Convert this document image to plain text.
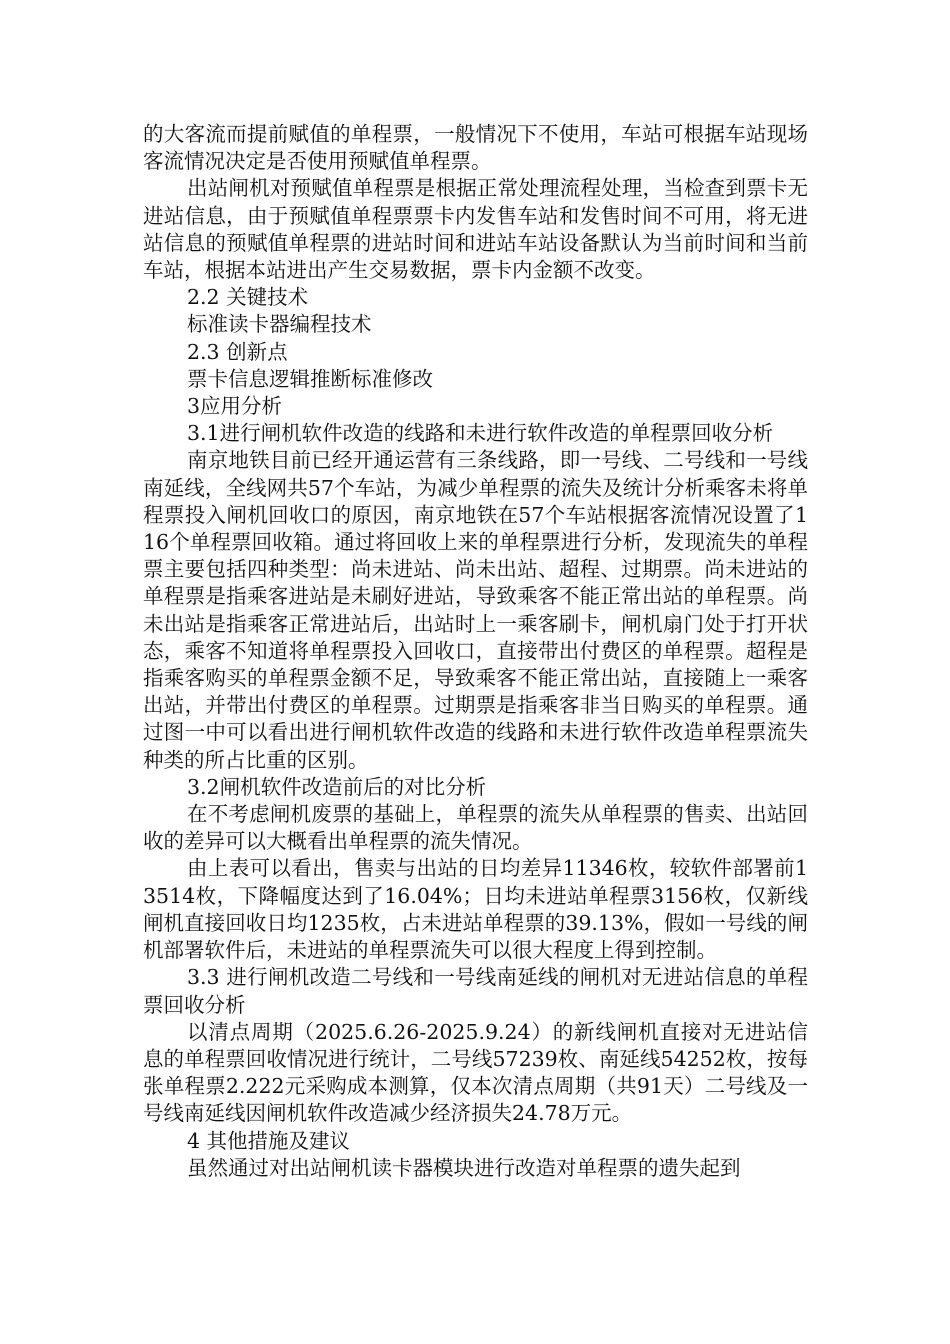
的大客流而提前赋值的单程票，一般情况下不使用，车站可根据车站现场客流情况决定是否使用预赋值单程票。

出站闸机对预赋值单程票是根据正常处理流程处理，当检查到票卡无进站信息，由于预赋值单程票票卡内发售车站和发售时间不可用，将无进站信息的预赋值单程票的进站时间和进站车站设备默认为当前时间和当前车站，根据本站进出产生交易数据，票卡内金额不改变。

2.2 关键技术

标准读卡器编程技术

2.3 创新点

票卡信息逻辑推断标准修改

3应用分析

3.1进行闸机软件改造的线路和未进行软件改造的单程票回收分析

南京地铁目前已经开通运营有三条线路，即一号线、二号线和一号线南延线，全线网共57个车站，为减少单程票的流失及统计分析乘客未将单程票投入闸机回收口的原因，南京地铁在57个车站根据客流情况设置了116个单程票回收箱。通过将回收上来的单程票进行分析，发现流失的单程票主要包括四种类型：尚未进站、尚未出站、超程、过期票。尚未进站的单程票是指乘客进站是未刷好进站，导致乘客不能正常出站的单程票。尚未出站是指乘客正常进站后，出站时上一乘客刷卡，闸机扇门处于打开状态，乘客不知道将单程票投入回收口，直接带出付费区的单程票。超程是指乘客购买的单程票金额不足，导致乘客不能正常出站，直接随上一乘客出站，并带出付费区的单程票。过期票是指乘客非当日购买的单程票。通过图一中可以看出进行闸机软件改造的线路和未进行软件改造单程票流失种类的所占比重的区别。

3.2闸机软件改造前后的对比分析

在不考虑闸机废票的基础上，单程票的流失从单程票的售卖、出站回收的差异可以大概看出单程票的流失情况。

由上表可以看出，售卖与出站的日均差异11346枚，较软件部署前13514枚，下降幅度达到了16.04%；日均未进站单程票3156枚，仅新线闸机直接回收日均1235枚，占未进站单程票的39.13%，假如一号线的闸机部署软件后，未进站的单程票流失可以很大程度上得到控制。

3.3 进行闸机改造二号线和一号线南延线的闸机对无进站信息的单程票回收分析

以清点周期（2025.6.26-2025.9.24）的新线闸机直接对无进站信息的单程票回收情况进行统计，二号线57239枚、南延线54252枚，按每张单程票2.222元采购成本测算，仅本次清点周期（共91天）二号线及一号线南延线因闸机软件改造减少经济损失24.78万元。

4 其他措施及建议

虽然通过对出站闸机读卡器模块进行改造对单程票的遗失起到
